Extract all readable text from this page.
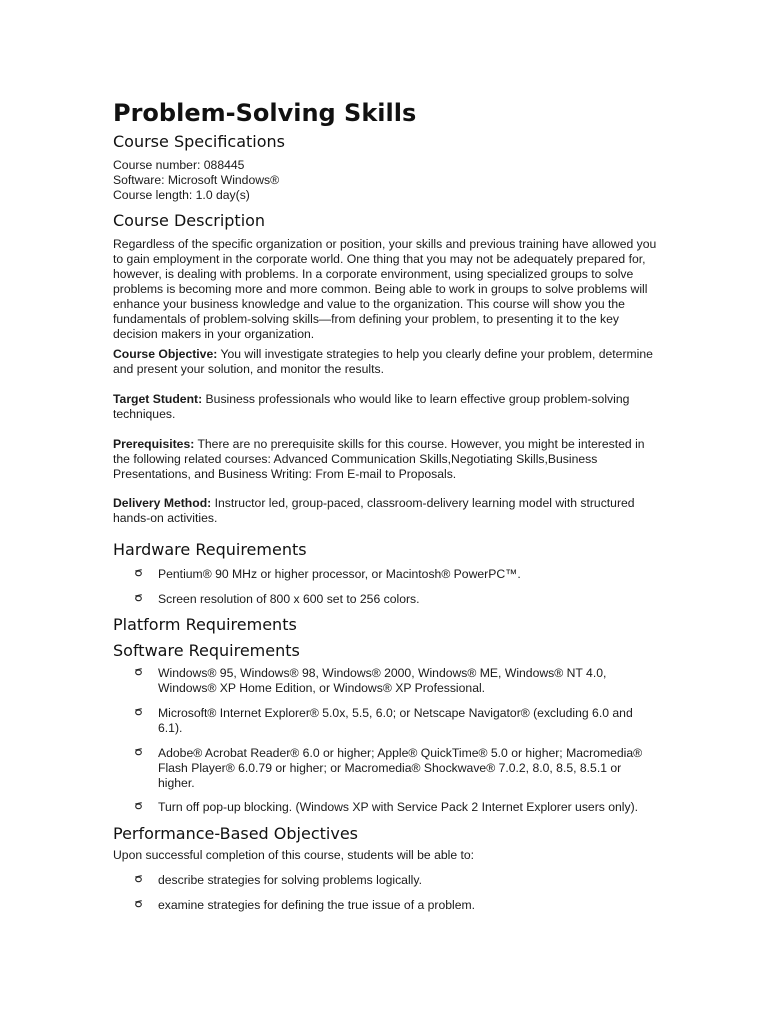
Problem-Solving Skills
Course Specifications
Course number: 088445
Software: Microsoft Windows®
Course length: 1.0 day(s)
Course Description

Regardless of the specific organization or position, your skills and previous training have allowed you to gain employment in the corporate world. One thing that you may not be adequately prepared for, however, is dealing with problems. In a corporate environment, using specialized groups to solve problems is becoming more and more common. Being able to work in groups to solve problems will enhance your business knowledge and value to the organization. This course will show you the fundamentals of problem-solving skills—from defining your problem, to presenting it to the key decision makers in your organization.

Course Objective: You will investigate strategies to help you clearly define your problem, determine and present your solution, and monitor the results.

Target Student: Business professionals who would like to learn effective group problem-solving techniques.

Prerequisites: There are no prerequisite skills for this course. However, you might be interested in the following related courses: Advanced Communication Skills,Negotiating Skills,Business Presentations, and Business Writing: From E-mail to Proposals.

Delivery Method: Instructor led, group-paced, classroom-delivery learning model with structured hands-on activities.

Hardware Requirements
Pentium® 90 MHz or higher processor, or Macintosh® PowerPC™.
Screen resolution of 800 x 600 set to 256 colors.
Platform Requirements
Software Requirements
Windows® 95, Windows® 98, Windows® 2000, Windows® ME, Windows® NT 4.0, Windows® XP Home Edition, or Windows® XP Professional.
Microsoft® Internet Explorer® 5.0x, 5.5, 6.0; or Netscape Navigator® (excluding 6.0 and 6.1).
Adobe® Acrobat Reader® 6.0 or higher; Apple® QuickTime® 5.0 or higher; Macromedia® Flash Player® 6.0.79 or higher; or Macromedia® Shockwave® 7.0.2, 8.0, 8.5, 8.5.1 or higher.
Turn off pop-up blocking. (Windows XP with Service Pack 2 Internet Explorer users only).
Performance-Based Objectives

Upon successful completion of this course, students will be able to:

describe strategies for solving problems logically.
examine strategies for defining the true issue of a problem.
